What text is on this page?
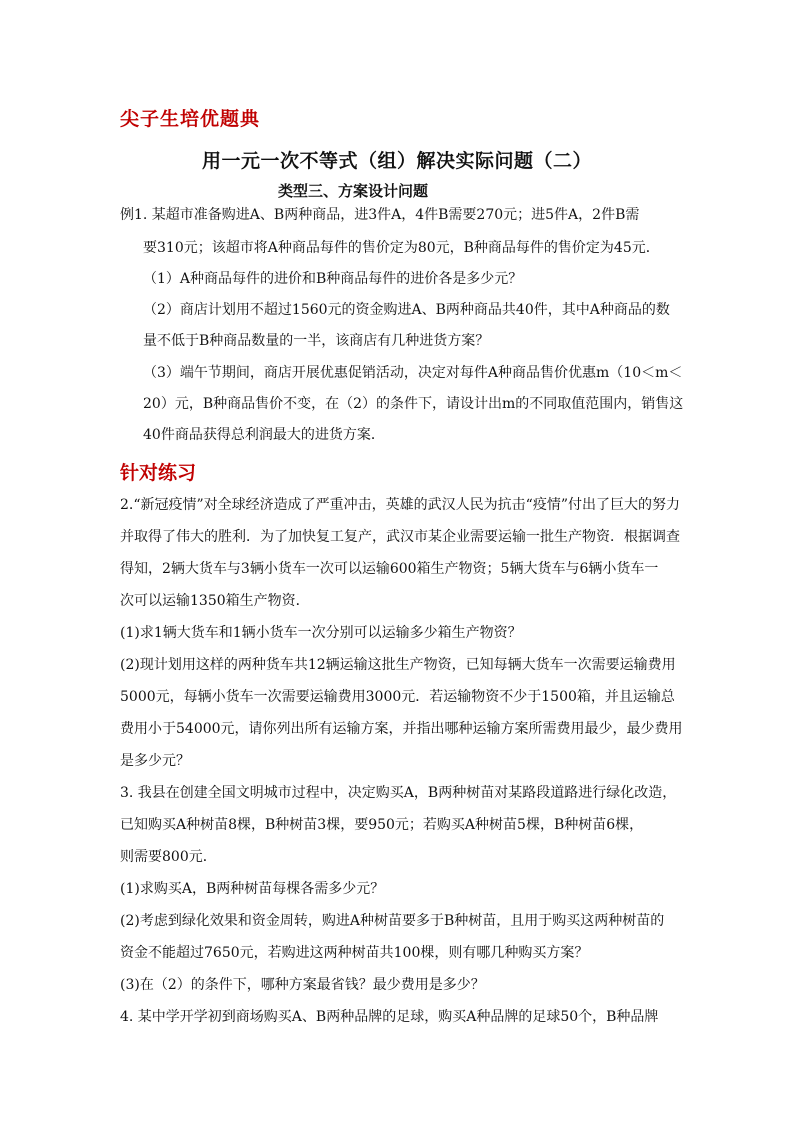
尖子生培优题典
用一元一次不等式（组）解决实际问题（二）
类型三、方案设计问题
例1. 某超市准备购进A、B两种商品，进3件A，4件B需要270元；进5件A，2件B需
要310元；该超市将A种商品每件的售价定为80元，B种商品每件的售价定为45元．
（1）A种商品每件的进价和B种商品每件的进价各是多少元？
（2）商店计划用不超过1560元的资金购进A、B两种商品共40件，其中A种商品的数
量不低于B种商品数量的一半，该商店有几种进货方案？
（3）端午节期间，商店开展优惠促销活动，决定对每件A种商品售价优惠m（10＜m＜
20）元，B种商品售价不变，在（2）的条件下，请设计出m的不同取值范围内，销售这
40件商品获得总利润最大的进货方案．
针对练习
2.“新冠疫情”对全球经济造成了严重冲击，英雄的武汉人民为抗击“疫情”付出了巨大的努力
并取得了伟大的胜利．为了加快复工复产，武汉市某企业需要运输一批生产物资．根据调查
得知，2辆大货车与3辆小货车一次可以运输600箱生产物资；5辆大货车与6辆小货车一
次可以运输1350箱生产物资．
(1)求1辆大货车和1辆小货车一次分别可以运输多少箱生产物资？
(2)现计划用这样的两种货车共12辆运输这批生产物资，已知每辆大货车一次需要运输费用
5000元，每辆小货车一次需要运输费用3000元．若运输物资不少于1500箱，并且运输总
费用小于54000元，请你列出所有运输方案，并指出哪种运输方案所需费用最少，最少费用
是多少元？
3. 我县在创建全国文明城市过程中，决定购买A，B两种树苗对某路段道路进行绿化改造，
已知购买A种树苗8棵，B种树苗3棵，要950元；若购买A种树苗5棵，B种树苗6棵，
则需要800元．
(1)求购买A，B两种树苗每棵各需多少元？
(2)考虑到绿化效果和资金周转，购进A种树苗要多于B种树苗，且用于购买这两种树苗的
资金不能超过7650元，若购进这两种树苗共100棵，则有哪几种购买方案？
(3)在（2）的条件下，哪种方案最省钱？最少费用是多少？
4. 某中学开学初到商场购买A、B两种品牌的足球，购买A种品牌的足球50个，B种品牌
